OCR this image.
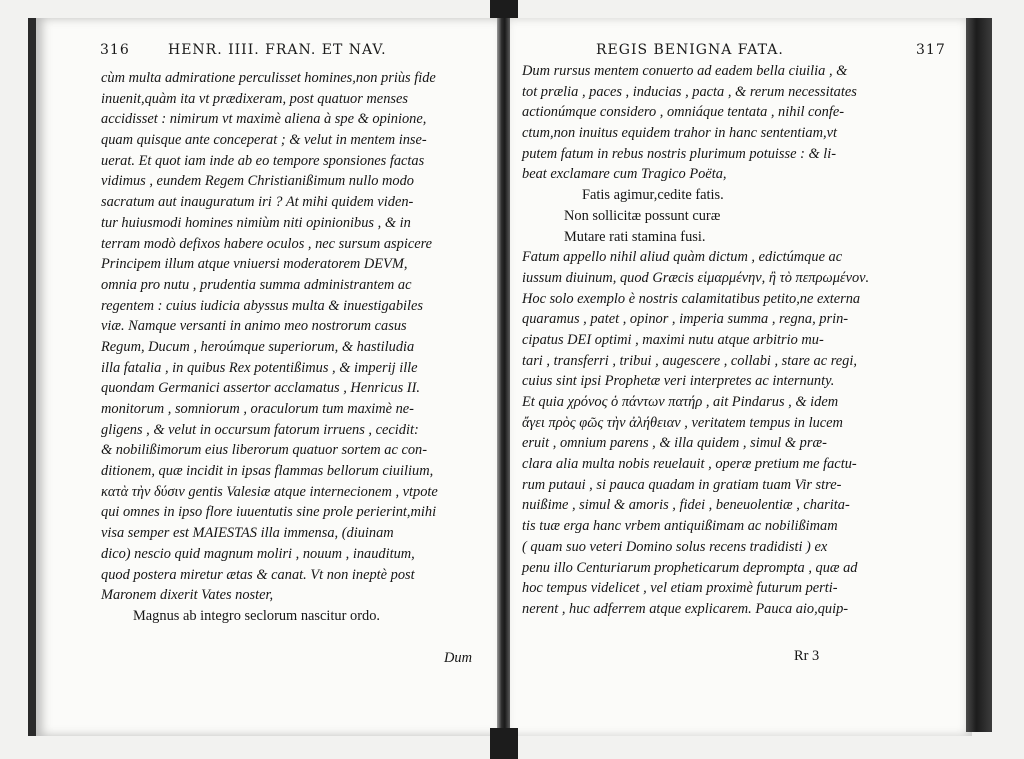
316	HENR. IIII. FRAN. ET NAV.	REGIS BENIGNA FATA.	317
cùm multa admiratione perculisset homines,non priùs fide
inuenit,quàm ita vt prædixeram, post quatuor menses
accidisset : nimirum vt maximè aliena à spe & opinione,
quam quisque ante conceperat ; & velut in mentem inse-
uerat. Et quot iam inde ab eo tempore sponsiones factas
vidimus , eundem Regem Christianißimum nullo modo
sacratum aut inauguratum iri ? At mihi quidem viden-
tur huiusmodi homines nimiùm niti opinionibus , & in
terram modò defixos habere oculos , nec sursum aspicere
Principem illum atque vniuersi moderatorem DEVM,
omnia pro nutu , prudentia summa administrantem ac
regentem : cuius iudicia abyssus multa & inuestigabiles
viæ. Namque versanti in animo meo nostrorum casus
Regum, Ducum , heroúmque superiorum, & hastiludia
illa fatalia , in quibus Rex potentißimus , & imperij ille
quondam Germanici assertor acclamatus , Henricus II.
monitorum , somniorum , oraculorum tum maximè ne-
gligens , & velut in occursum fatorum irruens , cecidit:
& nobilißimorum eius liberorum quatuor sortem ac con-
ditionem, quæ incidit in ipsas flammas bellorum ciuilium,
κατὰ τὴν δύσιν gentis Valesiæ atque internecionem , vtpote
qui omnes in ipso flore iuuentutis sine prole perierint,mihi
visa semper est MAIESTAS illa immensa, (diuinam
dico) nescio quid magnum moliri , nouum , inauditum,
quod postera miretur ætas & canat. Vt non ineptè post
Maronem dixerit Vates noster,
Magnus ab integro seclorum nascitur ordo.
Dum rursus mentem conuerto ad eadem bella ciuilia , &
tot prælia , paces , inducias , pacta , & rerum necessitates
actionúmque considero , omniáque tentata , nihil confe-
ctum,non inuitus equidem trahor in hanc sententiam,vt
putem fatum in rebus nostris plurimum potuisse : & li-
beat exclamare cum Tragico Poëta,
Fatis agimur,cedite fatis.
Non sollicitæ possunt curæ
Mutare rati stamina fusi.
Fatum appello nihil aliud quàm dictum , edictúmque ac
iussum diuinum, quod Græcis εἱμαρμένην, ἢ τὸ πεπρωμένον.
Hoc solo exemplo è nostris calamitatibus petito,ne externa
quaramus , patet , opinor , imperia summa , regna, prin-
cipatus DEI optimi , maximi nutu atque arbitrio mu-
tari , transferri , tribui , augescere , collabi , stare ac regi,
cuius sint ipsi Prophetæ veri interpretes ac internunty.
Et quia χρόνος ὁ πάντων πατήρ , ait Pindarus , & idem
ἄγει πρὸς φῶς τὴν ἀλήθειαν , veritatem tempus in lucem
eruit , omnium parens , & illa quidem , simul & præ-
clara alia multa nobis reuelauit , operæ pretium me factu-
rum putaui , si pauca quadam in gratiam tuam Vir stre-
nuißime , simul & amoris , fidei , beneuolentiæ , charita-
tis tuæ erga hanc vrbem antiquißimam ac nobilißimam
( quam suo veteri Domino solus recens tradidisti ) ex
penu illo Centuriarum propheticarum deprompta , quæ ad
hoc tempus videlicet , vel etiam proximè futurum perti-
nerent , huc adferrem atque explicarem. Pauca aio,quip-
Dum	Rr 3
